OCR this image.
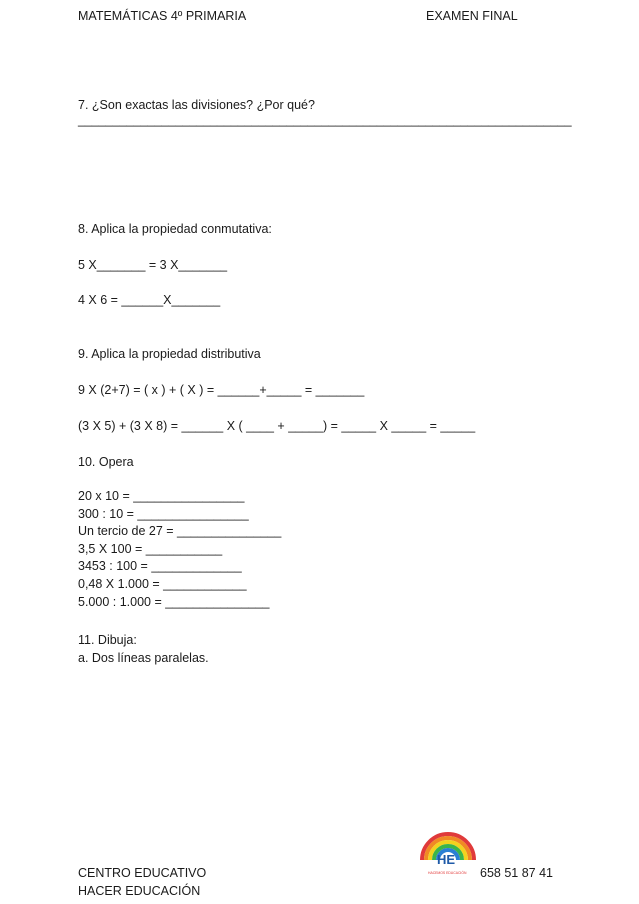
MATEMÁTICAS 4º PRIMARIA	EXAMEN FINAL
7. ¿Son exactas las divisiones? ¿Por qué?
_______________________________________________________________________
8. Aplica la propiedad conmutativa:
5 X_______ = 3 X_______
4 X 6 = ______X_______
9. Aplica la propiedad distributiva
9 X (2+7) = ( x ) + ( X ) = ______+_____ = _______
(3 X 5) + (3 X 8) = ______ X ( ____ + _____) = _____ X _____ = _____
10. Opera
20 x 10 = ________________
300 : 10 = ________________
Un tercio de 27 = _______________
3,5 X 100 = ___________
3453 : 100 = _____________
0,48 X 1.000 = ____________
5.000 : 1.000 = _______________
11. Dibuja:
a. Dos líneas paralelas.
HE
HACEMOS EDUCACIÓN
CENTRO EDUCATIVO
HACER EDUCACIÓN
658 51 87 41
